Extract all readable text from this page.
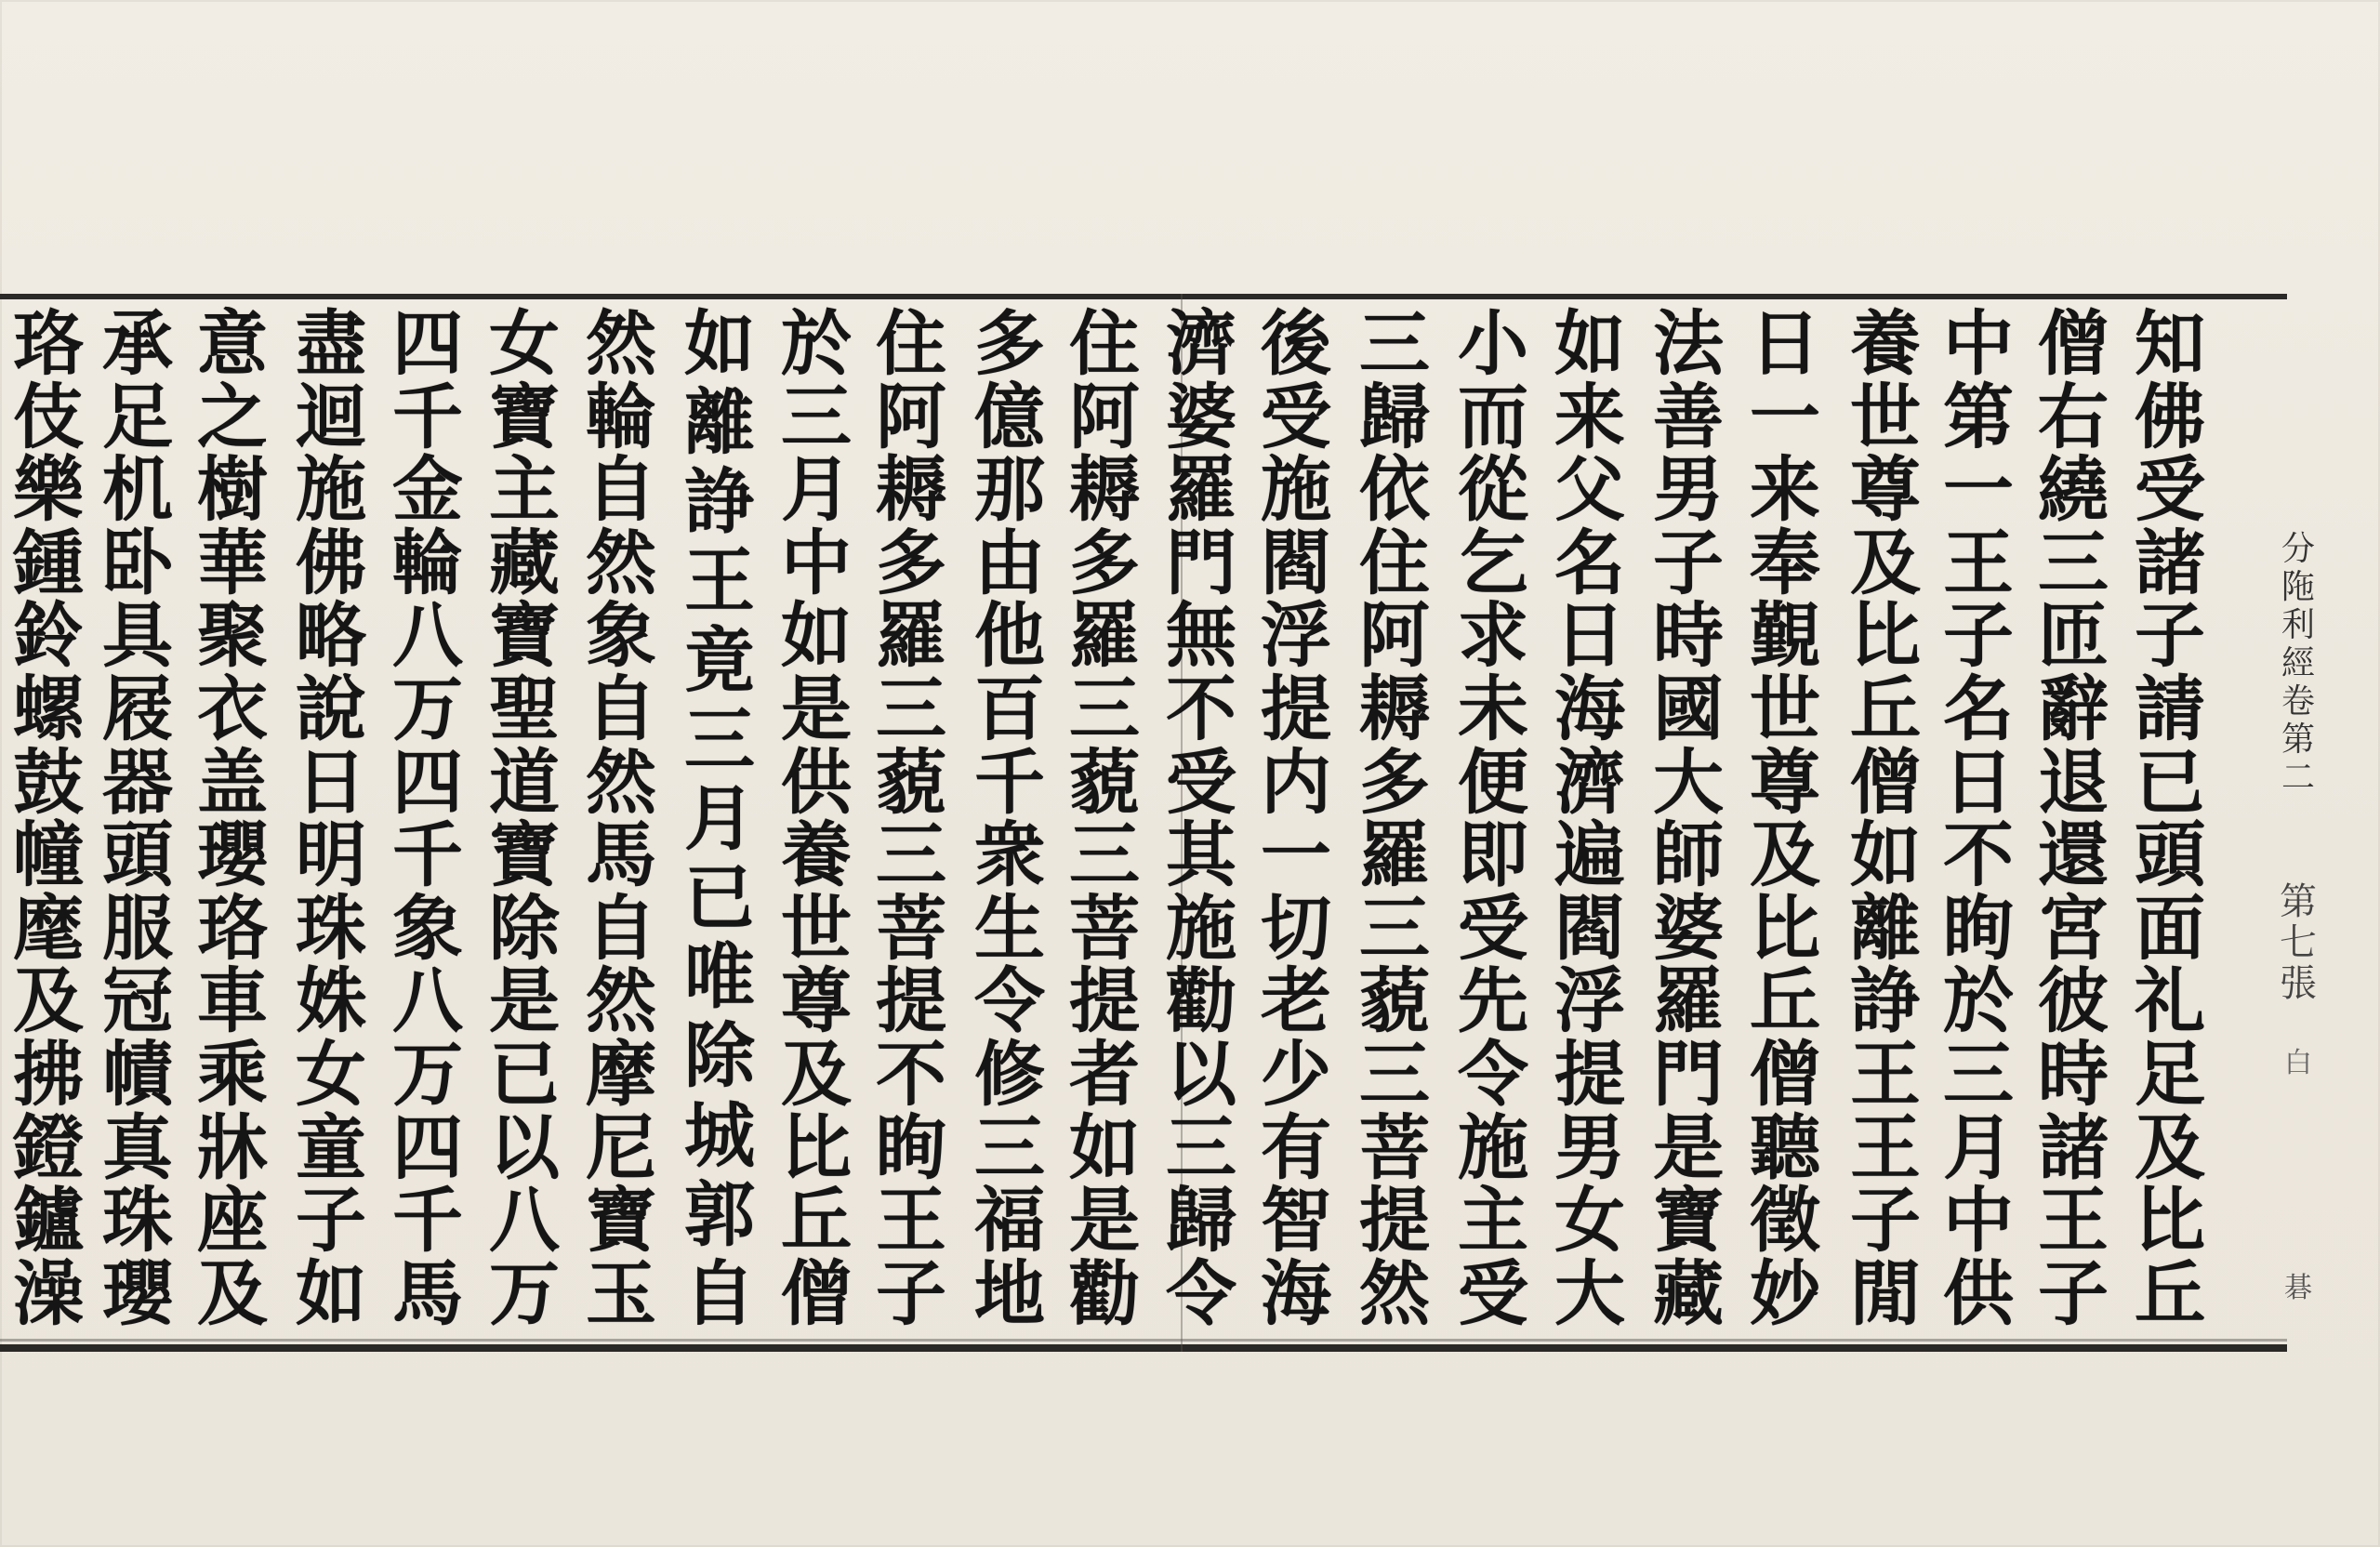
知
佛
受
諸
子
請
已
頭
面
礼
足
及
比
丘
僧
右
繞
三
匝
辭
退
還
宮
彼
時
諸
王
子
中
第
一
王
子
名
日
不
眴
於
三
月
中
供
養
世
尊
及
比
丘
僧
如
離
諍
王
王
子
閒
日
一
来
奉
覲
世
尊
及
比
丘
僧
聽
徵
妙
法
善
男
子
時
國
大
師
婆
羅
門
是
寶
藏
如
来
父
名
日
海
濟
遍
閻
浮
提
男
女
大
小
而
從
乞
求
未
便
即
受
先
令
施
主
受
三
歸
依
住
阿
耨
多
羅
三
藐
三
菩
提
然
後
受
施
閻
浮
提
内
一
切
老
少
有
智
海
濟
婆
羅
門
無
不
受
其
施
勸
以
三
歸
令
住
阿
耨
多
羅
三
藐
三
菩
提
者
如
是
勸
多
億
那
由
他
百
千
衆
生
令
修
三
福
地
住
阿
耨
多
羅
三
藐
三
菩
提
不
眴
王
子
於
三
月
中
如
是
供
養
世
尊
及
比
丘
僧
如
離
諍
王
竟
三
月
已
唯
除
城
郭
自
然
輪
自
然
象
自
然
馬
自
然
摩
尼
寶
玉
女
寶
主
藏
寶
聖
道
寶
除
是
已
以
八
万
四
千
金
輪
八
万
四
千
象
八
万
四
千
馬
盡
迴
施
佛
略
說
日
明
珠
姝
女
童
子
如
意
之
樹
華
聚
衣
盖
瓔
珞
車
乘
牀
座
及
承
足
机
卧
具
屐
器
頭
服
冠
幘
真
珠
瓔
珞
伎
樂
鍾
鈴
螺
鼓
幢
麾
及
拂
鐙
鑪
澡
分
陁
利
經
卷
第
二
第
七
張
白
碁
